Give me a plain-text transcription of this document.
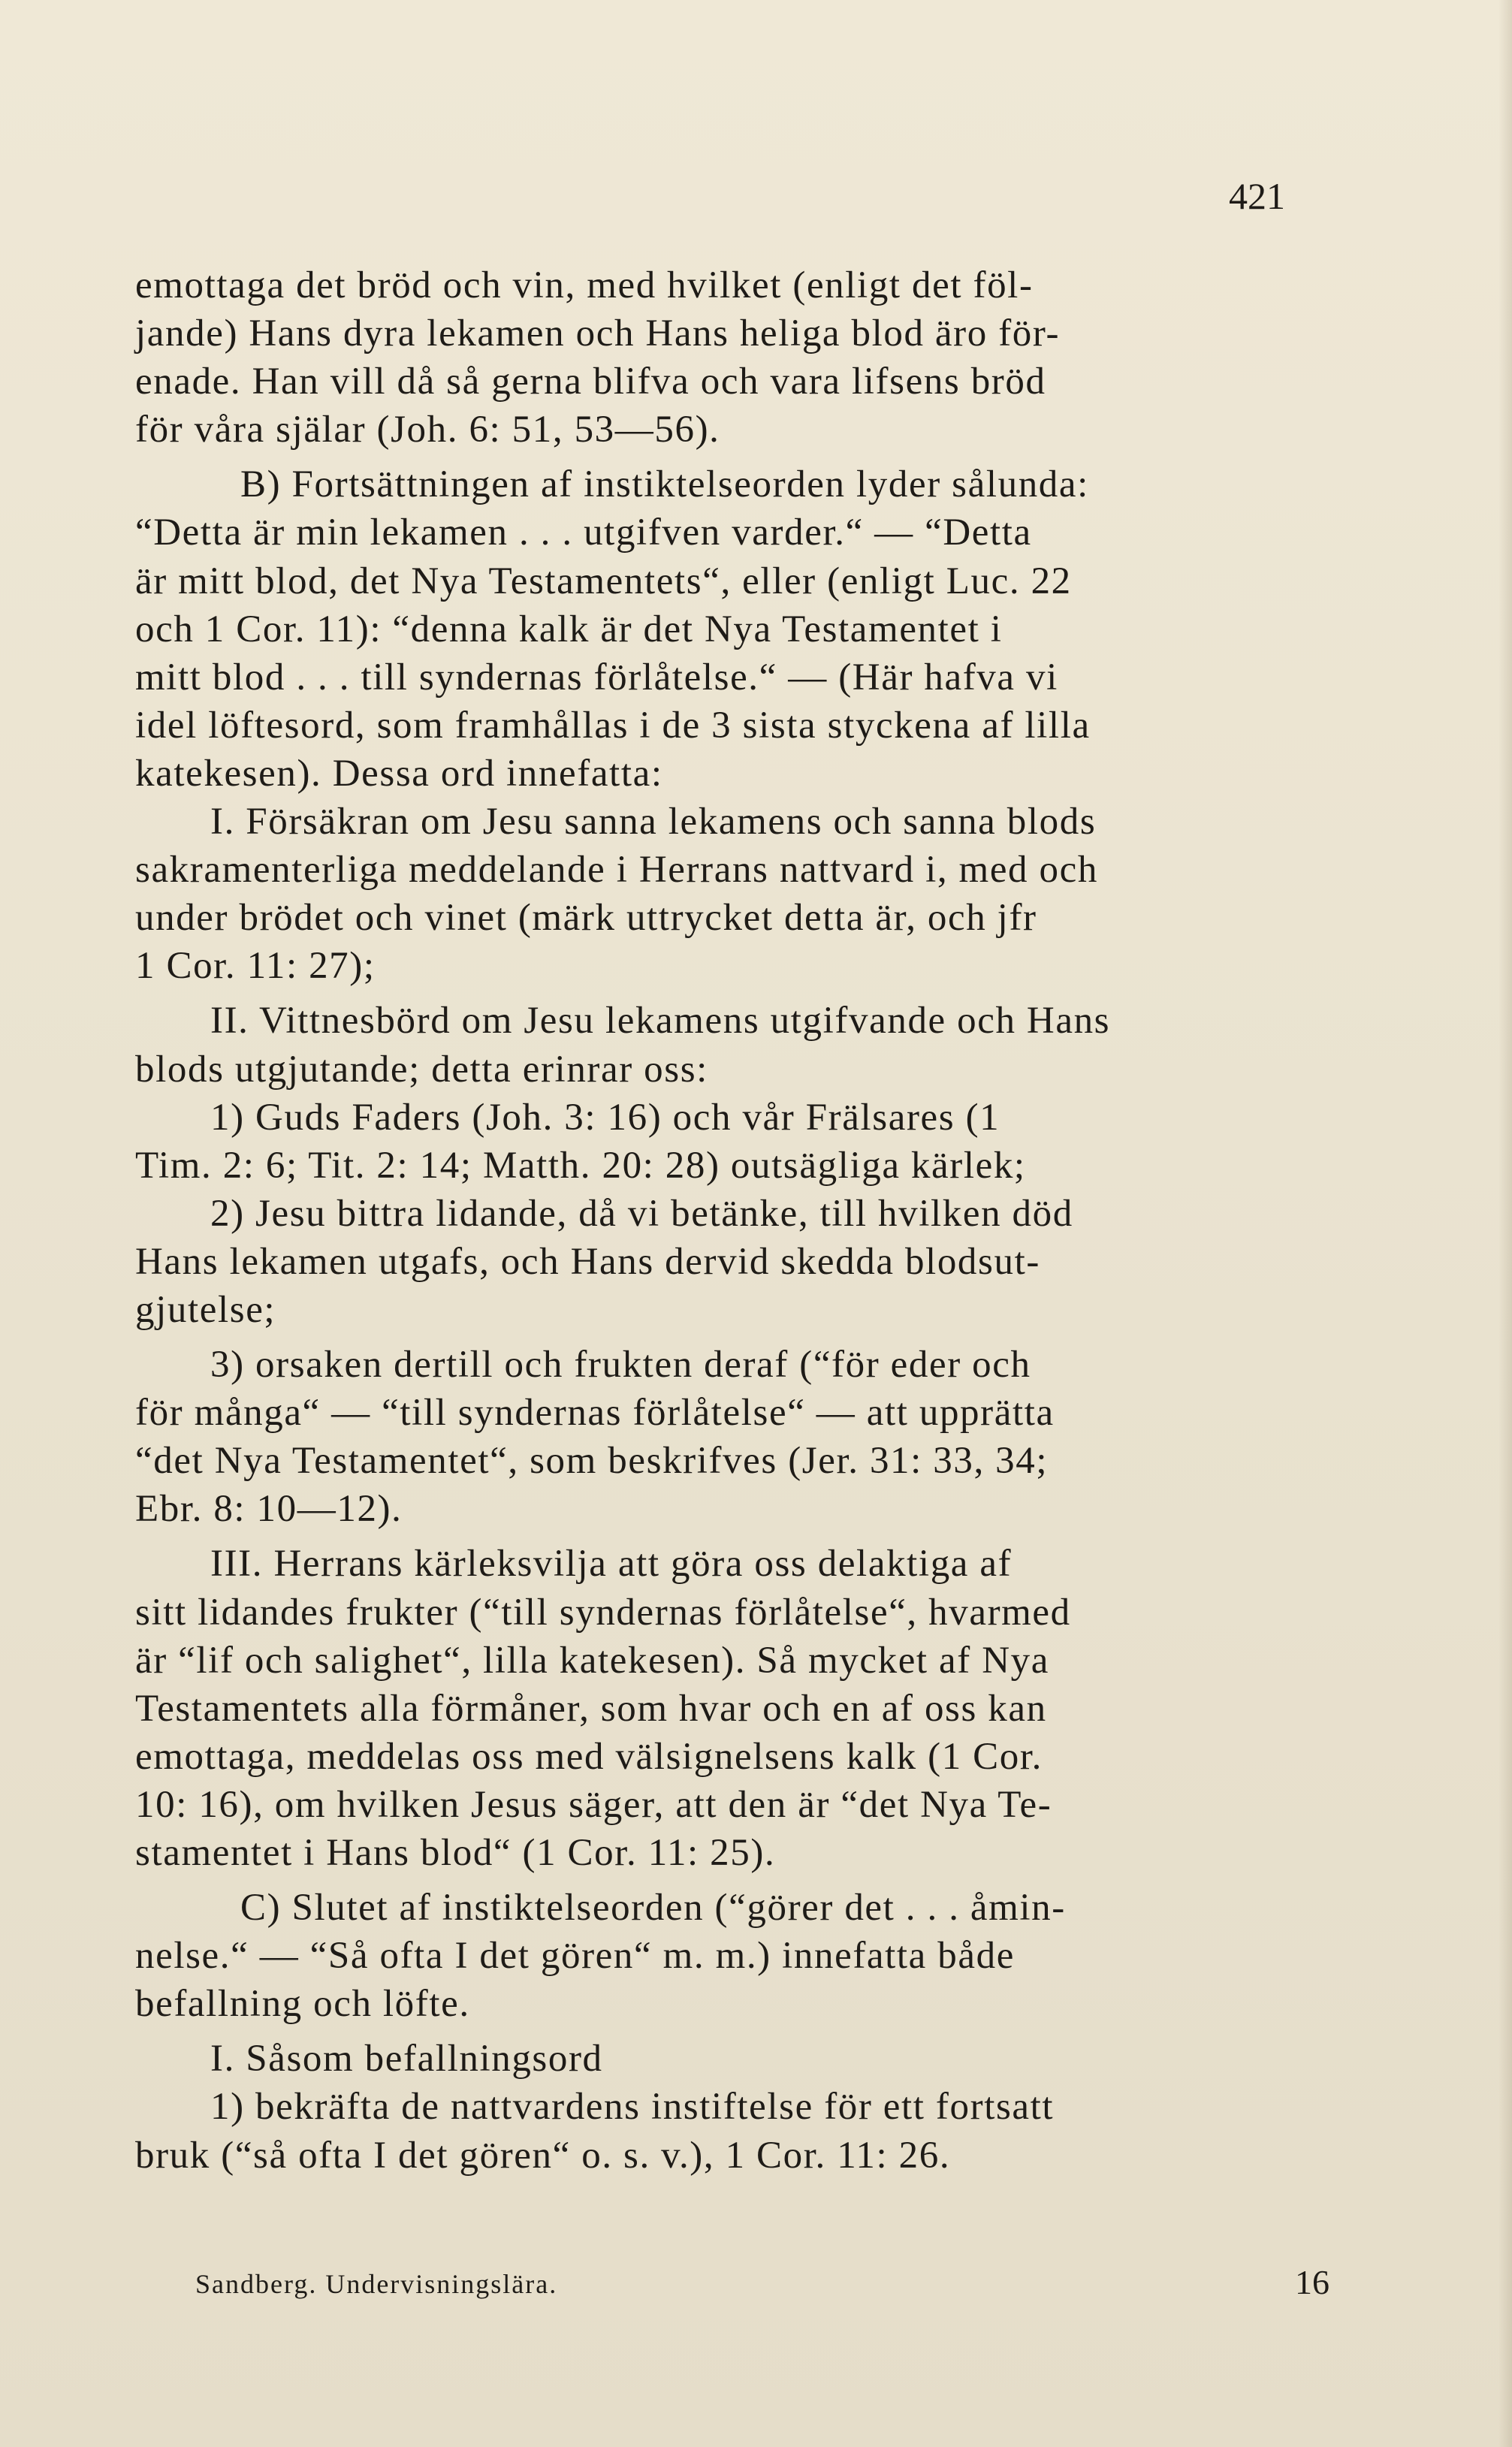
421
emottaga det bröd och vin, med hvilket (enligt det föl-
jande) Hans dyra lekamen och Hans heliga blod äro för-
enade. Han vill då så gerna blifva och vara lifsens bröd
för våra själar (Joh. 6: 51, 53—56).
B) Fortsättningen af instiktelseorden lyder sålunda:
“Detta är min lekamen . . . utgifven varder.“ — “Detta
är mitt blod, det Nya Testamentets“, eller (enligt Luc. 22
och 1 Cor. 11): “denna kalk är det Nya Testamentet i
mitt blod . . . till syndernas förlåtelse.“ — (Här hafva vi
idel löftesord, som framhållas i de 3 sista styckena af lilla
katekesen). Dessa ord innefatta:
I. Försäkran om Jesu sanna lekamens och sanna blods
sakramenterliga meddelande i Herrans nattvard i, med och
under brödet och vinet (märk uttrycket detta är, och jfr
1 Cor. 11: 27);
II. Vittnesbörd om Jesu lekamens utgifvande och Hans
blods utgjutande; detta erinrar oss:
1) Guds Faders (Joh. 3: 16) och vår Frälsares (1
Tim. 2: 6; Tit. 2: 14; Matth. 20: 28) outsägliga kärlek;
2) Jesu bittra lidande, då vi betänke, till hvilken död
Hans lekamen utgafs, och Hans dervid skedda blodsut-
gjutelse;
3) orsaken dertill och frukten deraf (“för eder och
för många“ — “till syndernas förlåtelse“ — att upprätta
“det Nya Testamentet“, som beskrifves (Jer. 31: 33, 34;
Ebr. 8: 10—12).
III. Herrans kärleksvilja att göra oss delaktiga af
sitt lidandes frukter (“till syndernas förlåtelse“, hvarmed
är “lif och salighet“, lilla katekesen). Så mycket af Nya
Testamentets alla förmåner, som hvar och en af oss kan
emottaga, meddelas oss med välsignelsens kalk (1 Cor.
10: 16), om hvilken Jesus säger, att den är “det Nya Te-
stamentet i Hans blod“ (1 Cor. 11: 25).
C) Slutet af instiktelseorden (“görer det . . . åmin-
nelse.“ — “Så ofta I det gören“ m. m.) innefatta både
befallning och löfte.
I. Såsom befallningsord
1) bekräfta de nattvardens instiftelse för ett fortsatt
bruk (“så ofta I det gören“ o. s. v.), 1 Cor. 11: 26.
Sandberg. Undervisningslära.	16
